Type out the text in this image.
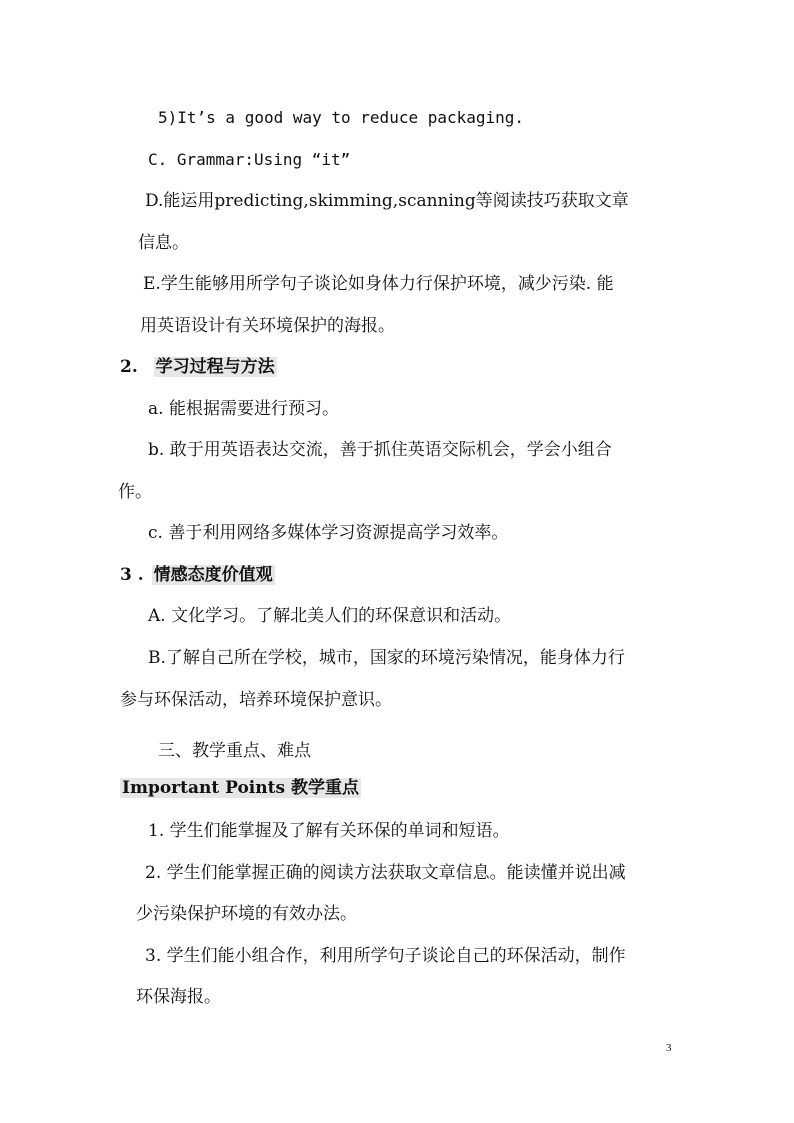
5)It’s a good way to reduce packaging.
C. Grammar:Using “it”
D.能运用predicting,skimming,scanning等阅读技巧获取文章
信息。
E.学生能够用所学句子谈论如身体力行保护环境，减少污染. 能
用英语设计有关环境保护的海报。
2. 学习过程与方法
a. 能根据需要进行预习。
b. 敢于用英语表达交流，善于抓住英语交际机会，学会小组合
作。
c. 善于利用网络多媒体学习资源提高学习效率。
3 . 情感态度价值观
A. 文化学习。了解北美人们的环保意识和活动。
B.了解自己所在学校，城市，国家的环境污染情况，能身体力行
参与环保活动，培养环境保护意识。
三、教学重点、难点
Important Points 教学重点
1. 学生们能掌握及了解有关环保的单词和短语。
2. 学生们能掌握正确的阅读方法获取文章信息。能读懂并说出减
少污染保护环境的有效办法。
3. 学生们能小组合作，利用所学句子谈论自己的环保活动，制作
环保海报。
3
